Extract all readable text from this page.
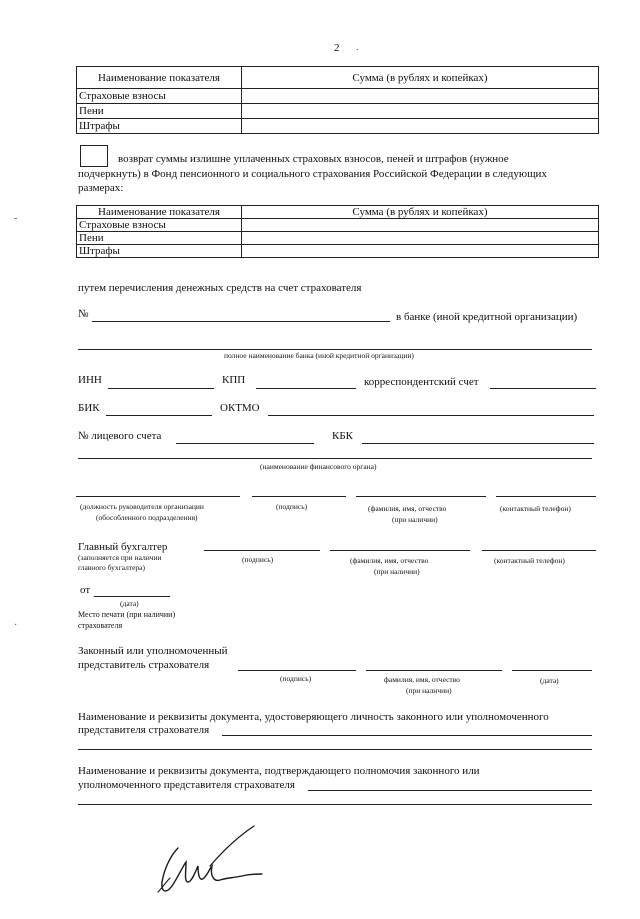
2 .
Наименование показателя	Сумма (в рублях и копейках)
Страховые взносы	
Пени	
Штрафы	
возврат суммы излишне уплаченных страховых взносов, пеней и штрафов (нужное
подчеркнуть) в Фонд пенсионного и социального страхования Российской Федерации в следующих
размерах:
Наименование показателя	Сумма (в рублях и копейках)
Страховые взносы	
Пени	
Штрафы	
путем перечисления денежных средств на счет страхователя
№	в банке (иной кредитной организации)
полное наименование банка (иной кредитной организации)
ИНН	КПП	корреспондентский счет
БИК	ОКТМО
№ лицевого счета	КБК
(наименование финансового органа)
(должность руководителя организации
(обособленного подразделения)
(подпись)	(фамилия, имя, отчество
(при наличии)
(контактный телефон)
Главный бухгалтер
(заполняется при наличии
главного бухгалтера)
(подпись)	(фамилия, имя, отчество
(при наличии)
(контактный телефон)
от
(дата)
Место печати (при наличии)
страхователя
Законный или уполномоченный
представитель страхователя
(подпись)	фамилия, имя, отчество
(при наличии)
(дата)
Наименование и реквизиты документа, удостоверяющего личность законного или уполномоченного
представителя страхователя
Наименование и реквизиты документа, подтверждающего полномочия законного или
уполномоченного представителя страхователя
-
·
